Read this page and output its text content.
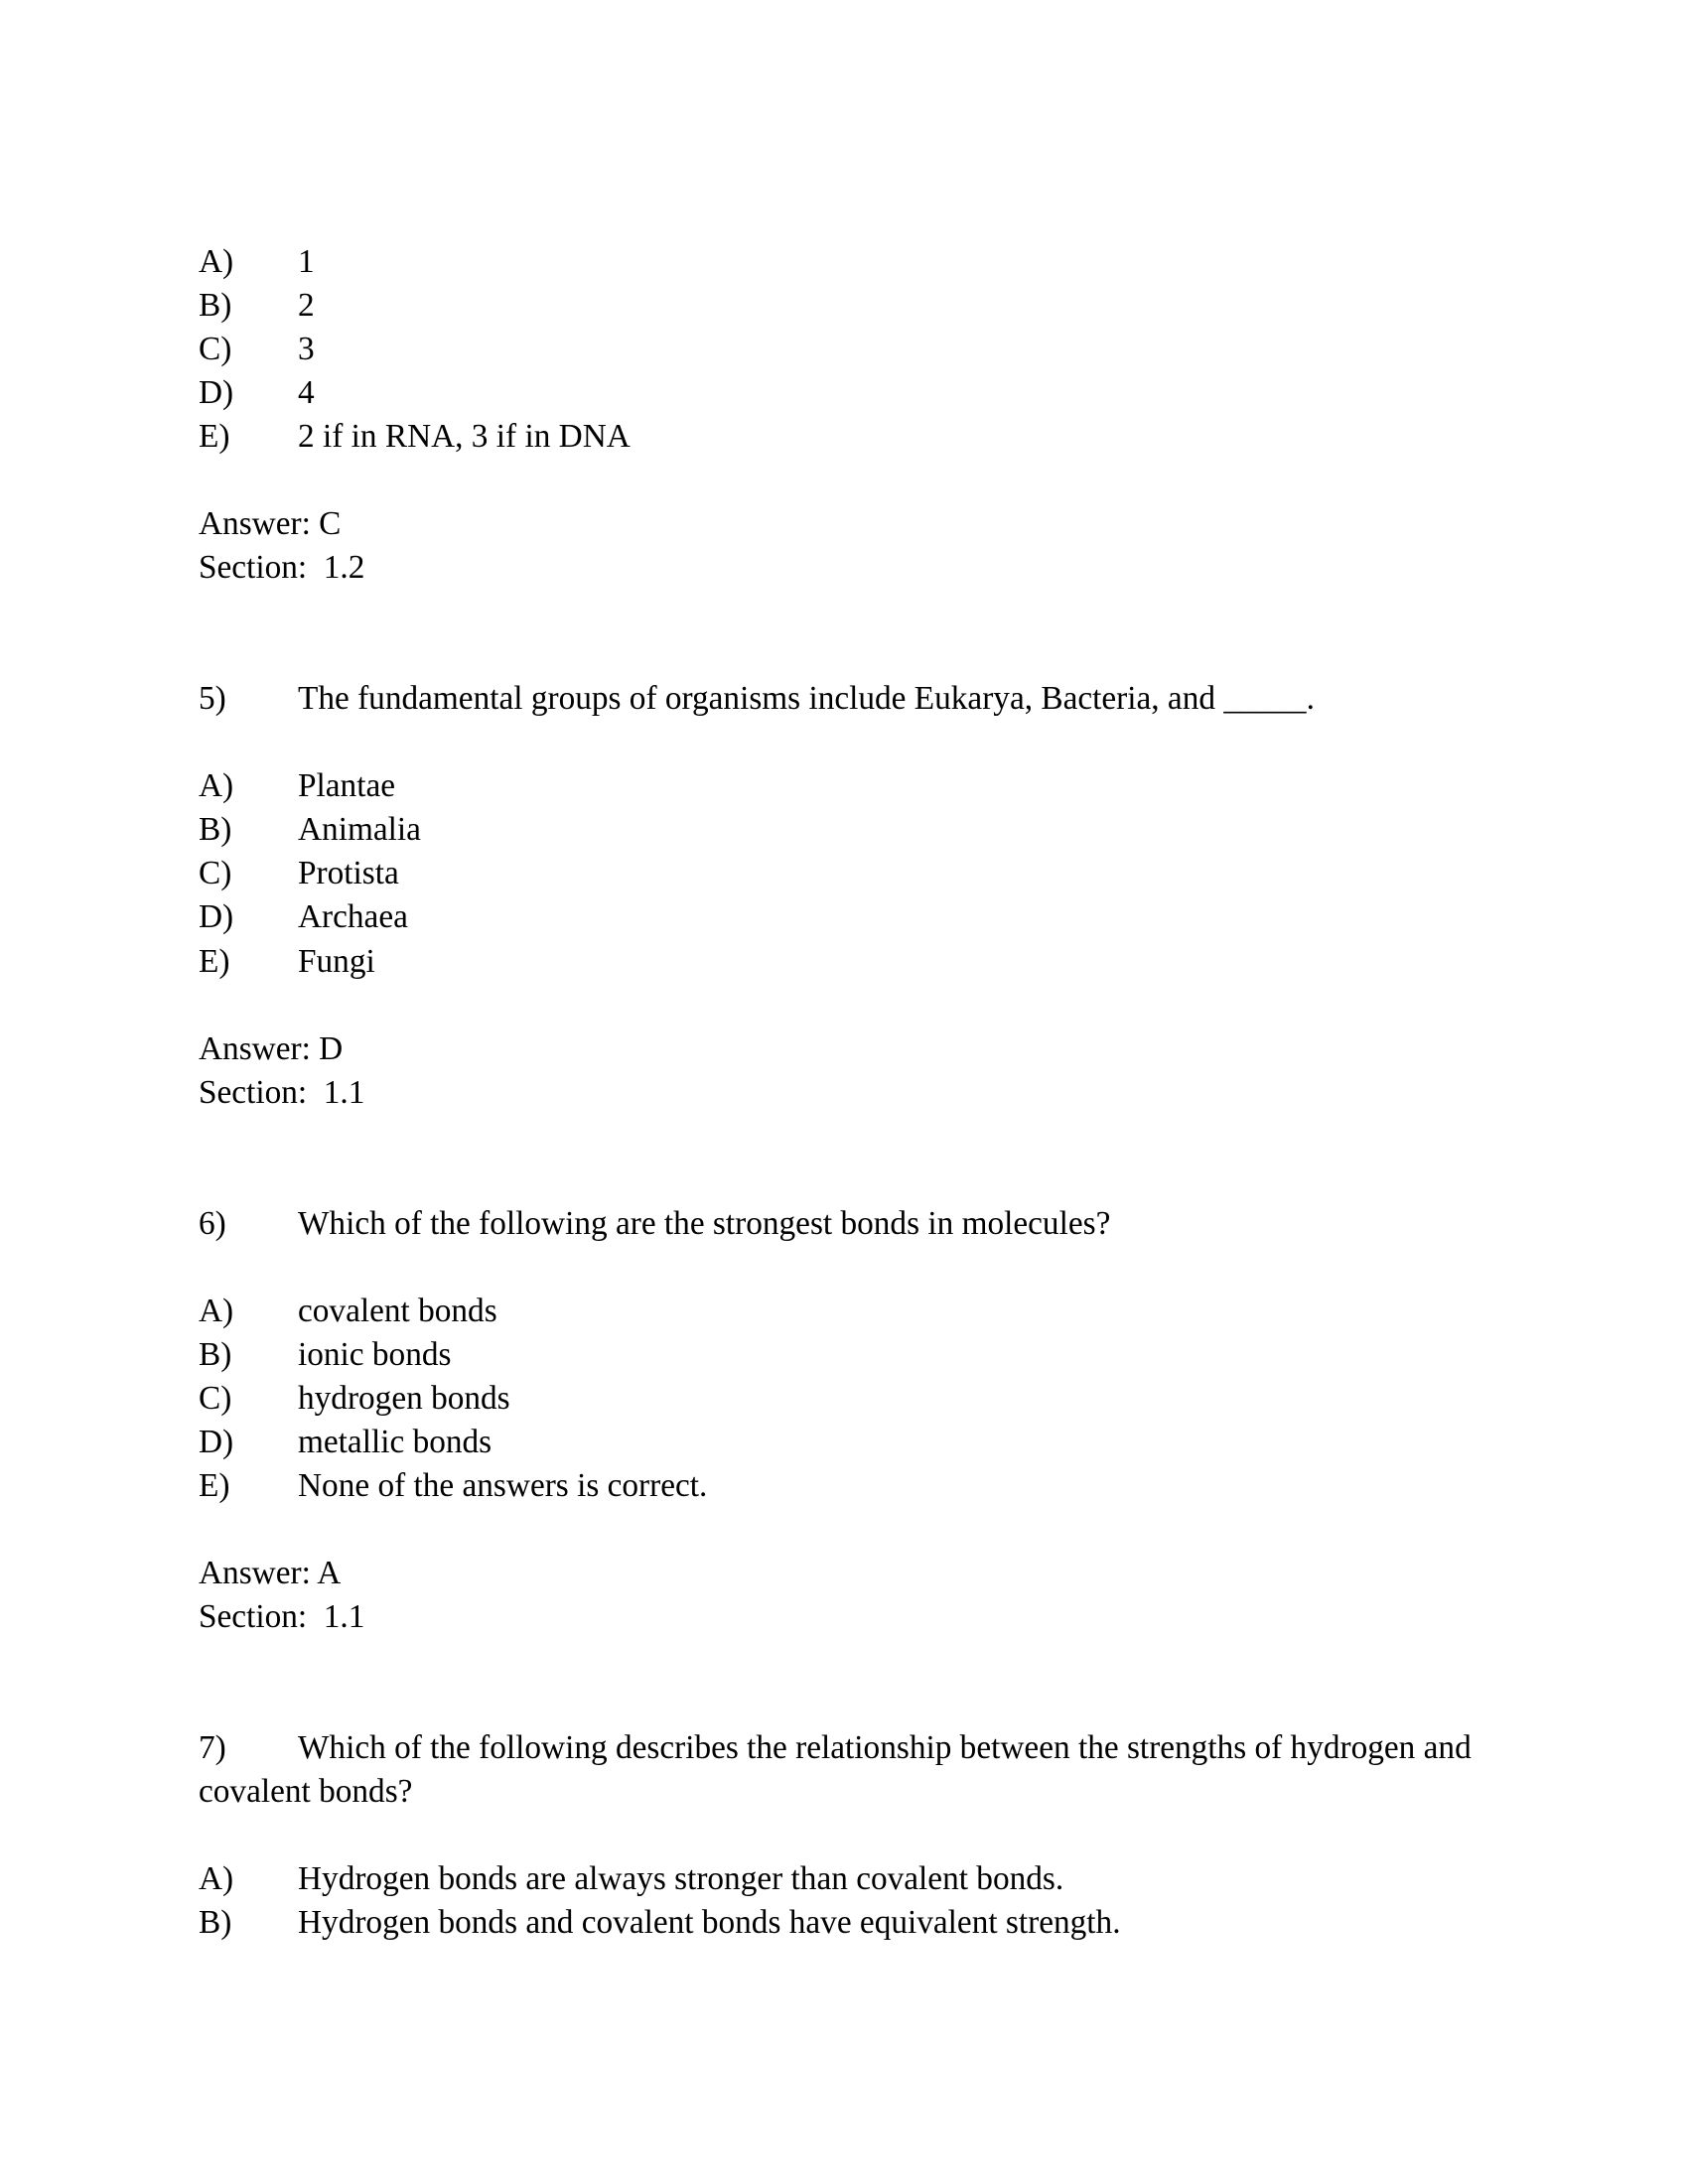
A)	1
B)	2
C)	3
D)	4
E)	2 if in RNA, 3 if in DNA
Answer: C
Section:  1.2
5)	The fundamental groups of organisms include Eukarya, Bacteria, and _____.
A)	Plantae
B)	Animalia
C)	Protista
D)	Archaea
E)	Fungi
Answer: D
Section:  1.1
6)	Which of the following are the strongest bonds in molecules?
A)	covalent bonds
B)	ionic bonds
C)	hydrogen bonds
D)	metallic bonds
E)	None of the answers is correct.
Answer: A
Section:  1.1
7)	Which of the following describes the relationship between the strengths of hydrogen and
covalent bonds?
A)	Hydrogen bonds are always stronger than covalent bonds.
B)	Hydrogen bonds and covalent bonds have equivalent strength.
